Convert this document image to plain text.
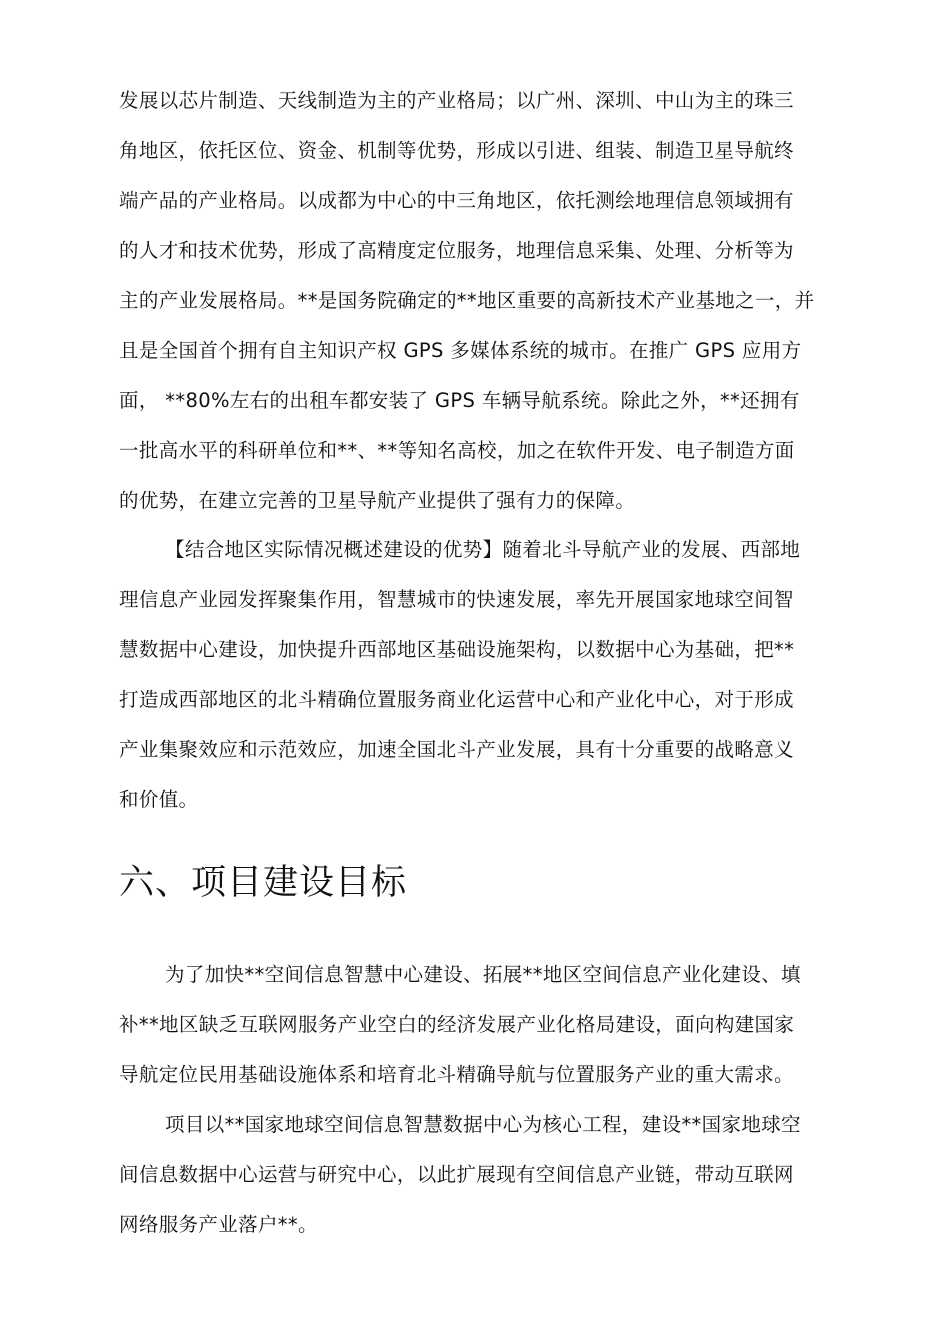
发展以芯片制造、天线制造为主的产业格局；以广州、深圳、中山为主的珠三
角地区，依托区位、资金、机制等优势，形成以引进、组装、制造卫星导航终
端产品的产业格局。以成都为中心的中三角地区，依托测绘地理信息领域拥有
的人才和技术优势，形成了高精度定位服务，地理信息采集、处理、分析等为
主的产业发展格局。**是国务院确定的**地区重要的高新技术产业基地之一，并
且是全国首个拥有自主知识产权 GPS 多媒体系统的城市。在推广 GPS 应用方
面， **80%左右的出租车都安装了 GPS 车辆导航系统。除此之外，**还拥有
一批高水平的科研单位和**、**等知名高校，加之在软件开发、电子制造方面
的优势，在建立完善的卫星导航产业提供了强有力的保障。
【结合地区实际情况概述建设的优势】随着北斗导航产业的发展、西部地
理信息产业园发挥聚集作用，智慧城市的快速发展，率先开展国家地球空间智
慧数据中心建设，加快提升西部地区基础设施架构，以数据中心为基础，把**
打造成西部地区的北斗精确位置服务商业化运营中心和产业化中心，对于形成
产业集聚效应和示范效应，加速全国北斗产业发展，具有十分重要的战略意义
和价值。
六、项目建设目标
为了加快**空间信息智慧中心建设、拓展**地区空间信息产业化建设、填
补**地区缺乏互联网服务产业空白的经济发展产业化格局建设，面向构建国家
导航定位民用基础设施体系和培育北斗精确导航与位置服务产业的重大需求。
项目以**国家地球空间信息智慧数据中心为核心工程，建设**国家地球空
间信息数据中心运营与研究中心，以此扩展现有空间信息产业链，带动互联网
网络服务产业落户**。
